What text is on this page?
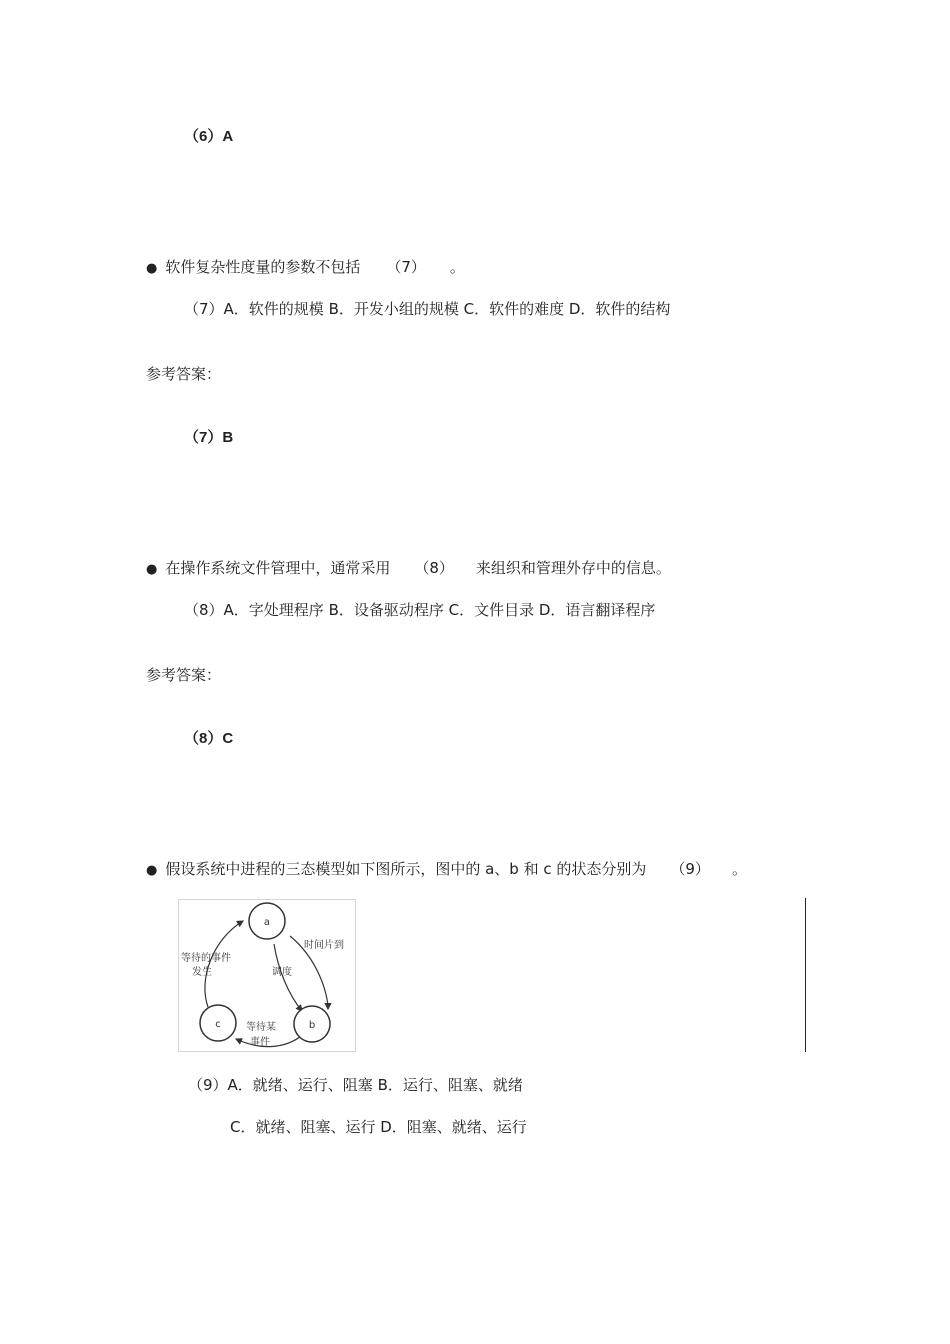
（6）A
● 软件复杂性度量的参数不包括 （7） 。
（7）A．软件的规模 B．开发小组的规模 C．软件的难度 D．软件的结构
参考答案：
（7）B
● 在操作系统文件管理中，通常采用 （8） 来组织和管理外存中的信息。
（8）A．字处理程序 B．设备驱动程序 C．文件目录 D．语言翻译程序
参考答案：
（8）C
● 假设系统中进程的三态模型如下图所示，图中的 a、b 和 c 的状态分别为 （9） 。
a
b
c
时间片到
调度
等待的事件
发生
等待某
事件
（9）A．就绪、运行、阻塞 B．运行、阻塞、就绪
C．就绪、阻塞、运行 D．阻塞、就绪、运行
